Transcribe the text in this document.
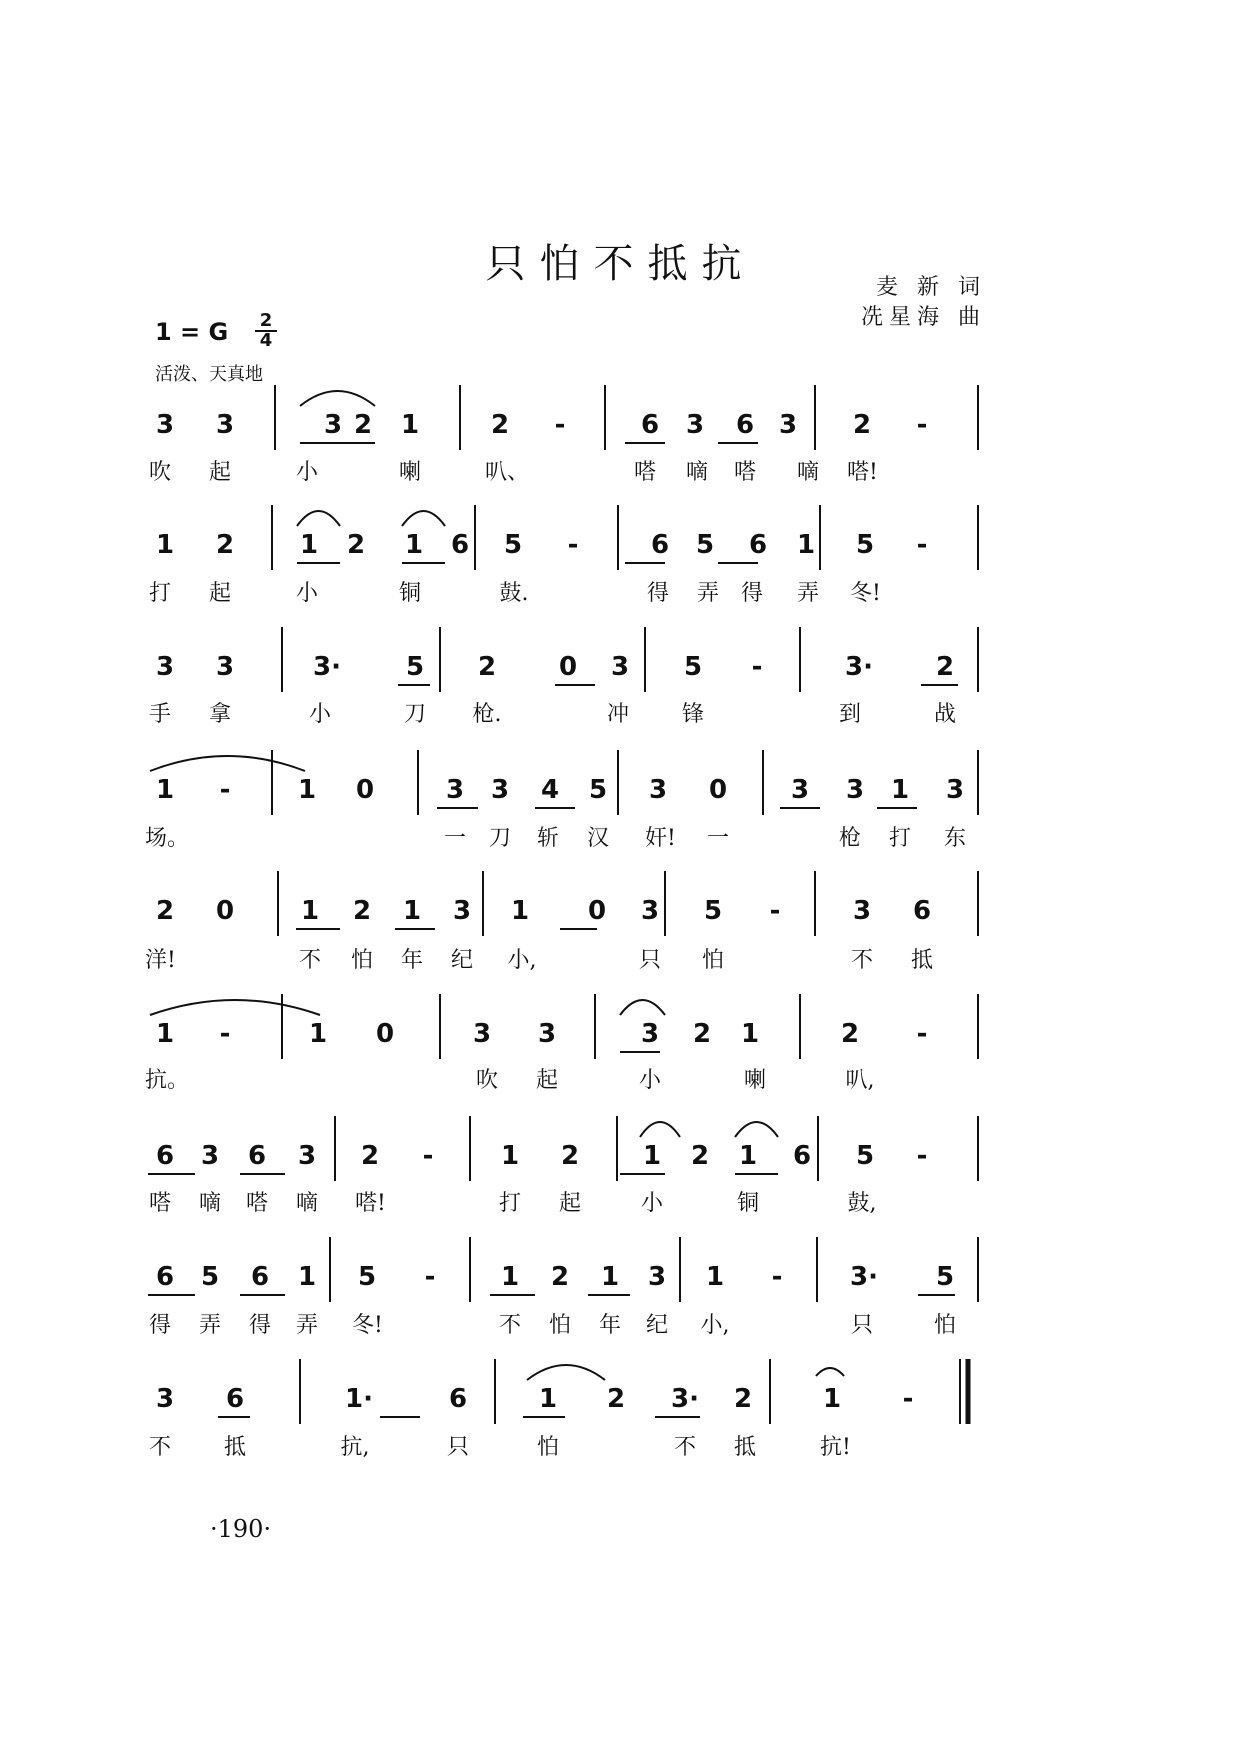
只怕不抵抗
麦 新 词
冼星海 曲
1 = G $\frac{2}{4}$
活泼、天真地
3 3	3 2 1	2 -	6 3 6 3 2 -
吹 起	小	喇	叭、	嗒 嘀 嗒 嘀 嗒!
1 2	1 2 1 6 5 -	6 5 6 1 5 -
打 起	小	铜	鼓.	得 弄 得 弄 冬!
3 3	3· 5 2 0 3 5 -	3· 2
手 拿	小	刀 枪.	冲 锋	到	战
1 -	1 0	3 3 4 5 3 0 3 3 1 3
场。	一 刀 斩 汉 奸! 一	枪 打 东
2 0	1 2 1 3 1 0 3 5 -	3 6
洋!	不 怕 年 纪 小,	只 怕	不 抵
1 -	1 0	3 3	3 2 1	2 -
抗。	吹 起	小	喇	叭,
6 3 6 3 2 -	1 2 1 2 1 6 5 -
嗒 嘀 嗒 嘀 嗒!	打 起	小	铜	鼓,
6 5 6 1 5 -	1 2 1 3 1 -	3· 5
得 弄 得 弄 冬!	不 怕 年 纪 小,	只	怕
3 6	1·	6	1 2 3· 2	1 -
不 抵	抗,	只	怕	不 抵	抗!
·190·
